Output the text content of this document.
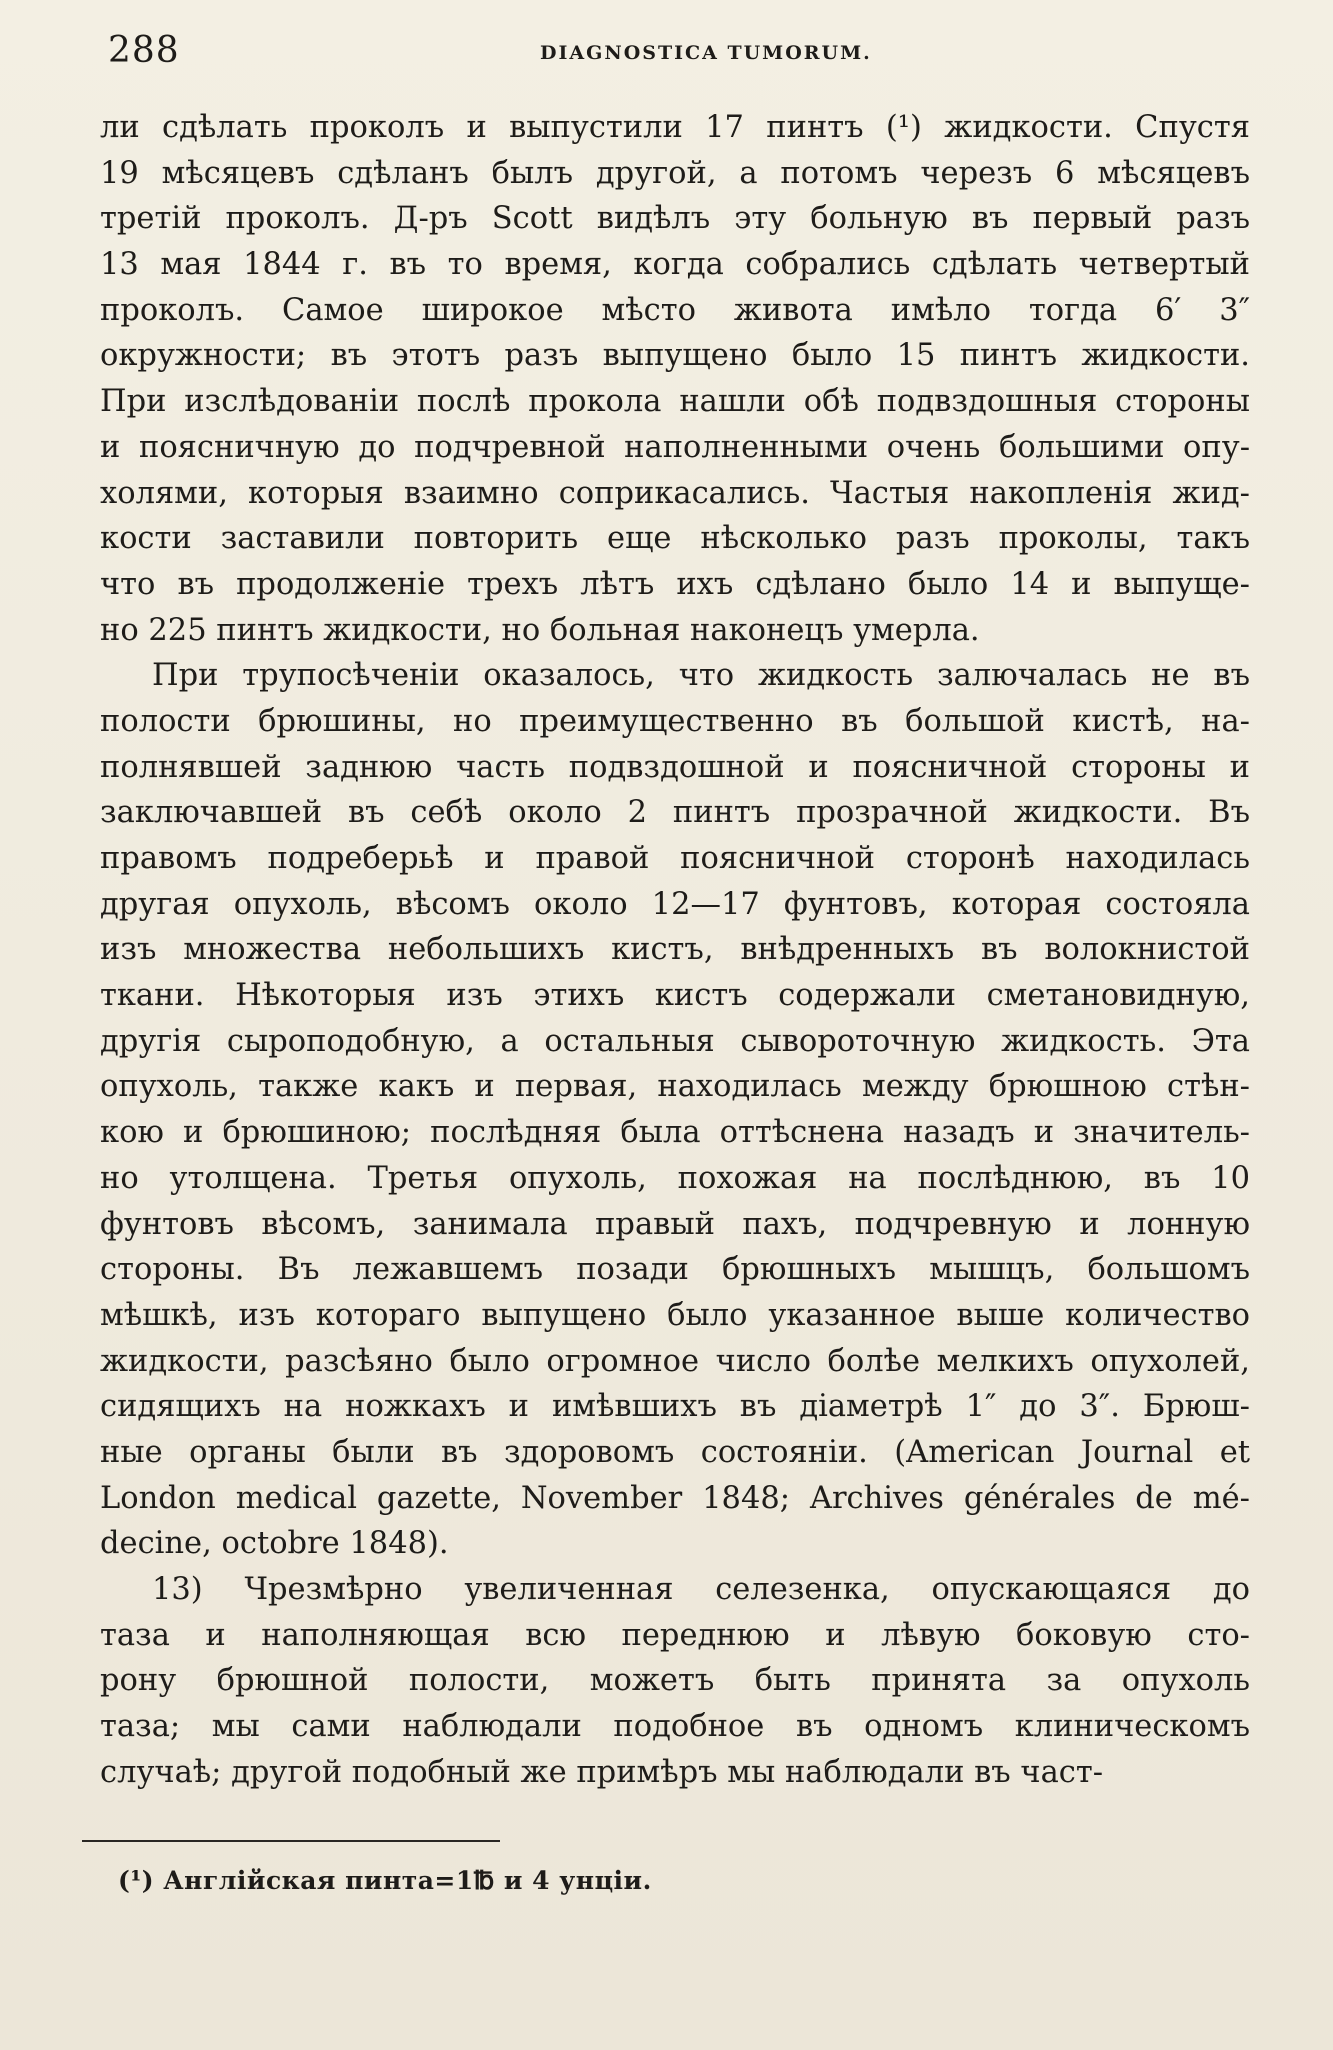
288	DIAGNOSTICA TUMORUM.
ли сдѣлать проколъ и выпустили 17 пинтъ (¹) жидкости. Спустя
19 мѣсяцевъ сдѣланъ былъ другой, а потомъ черезъ 6 мѣсяцевъ
третій проколъ. Д-ръ Scott видѣлъ эту больную въ первый разъ
13 мая 1844 г. въ то время, когда собрались сдѣлать четвертый
проколъ. Самое широкое мѣсто живота имѣло тогда 6′ 3″
окружности; въ этотъ разъ выпущено было 15 пинтъ жидкости.
При изслѣдованіи послѣ прокола нашли обѣ подвздошныя стороны
и поясничную до подчревной наполненными очень большими опу-
холями, которыя взаимно соприкасались. Частыя накопленія жид-
кости заставили повторить еще нѣсколько разъ проколы, такъ
что въ продолженіе трехъ лѣтъ ихъ сдѣлано было 14 и выпуще-
но 225 пинтъ жидкости, но больная наконецъ умерла.
При трупосѣченіи оказалось, что жидкость залючалась не въ
полости брюшины, но преимущественно въ большой кистѣ, на-
полнявшей заднюю часть подвздошной и поясничной стороны и
заключавшей въ себѣ около 2 пинтъ прозрачной жидкости. Въ
правомъ подреберьѣ и правой поясничной сторонѣ находилась
другая опухоль, вѣсомъ около 12—17 фунтовъ, которая состояла
изъ множества небольшихъ кистъ, внѣдренныхъ въ волокнистой
ткани. Нѣкоторыя изъ этихъ кистъ содержали сметановидную,
другія сыроподобную, а остальныя сывороточную жидкость. Эта
опухоль, также какъ и первая, находилась между брюшною стѣн-
кою и брюшиною; послѣдняя была оттѣснена назадъ и значитель-
но утолщена. Третья опухоль, похожая на послѣднюю, въ 10
фунтовъ вѣсомъ, занимала правый пахъ, подчревную и лонную
стороны. Въ лежавшемъ позади брюшныхъ мышцъ, большомъ
мѣшкѣ, изъ котораго выпущено было указанное выше количество
жидкости, разсѣяно было огромное число болѣе мелкихъ опухолей,
сидящихъ на ножкахъ и имѣвшихъ въ діаметрѣ 1″ до 3″. Брюш-
ные органы были въ здоровомъ состояніи. (American Journal et
London medical gazette, November 1848; Archives générales de mé-
decine, octobre 1848).
13) Чрезмѣрно увеличенная селезенка, опускающаяся до
таза и наполняющая всю переднюю и лѣвую боковую сто-
рону брюшной полости, можетъ быть принята за опухоль
таза; мы сами наблюдали подобное въ одномъ клиническомъ
случаѣ; другой подобный же примѣръ мы наблюдали въ част-
(¹) Англійская пинта=1℔ и 4 унціи.
